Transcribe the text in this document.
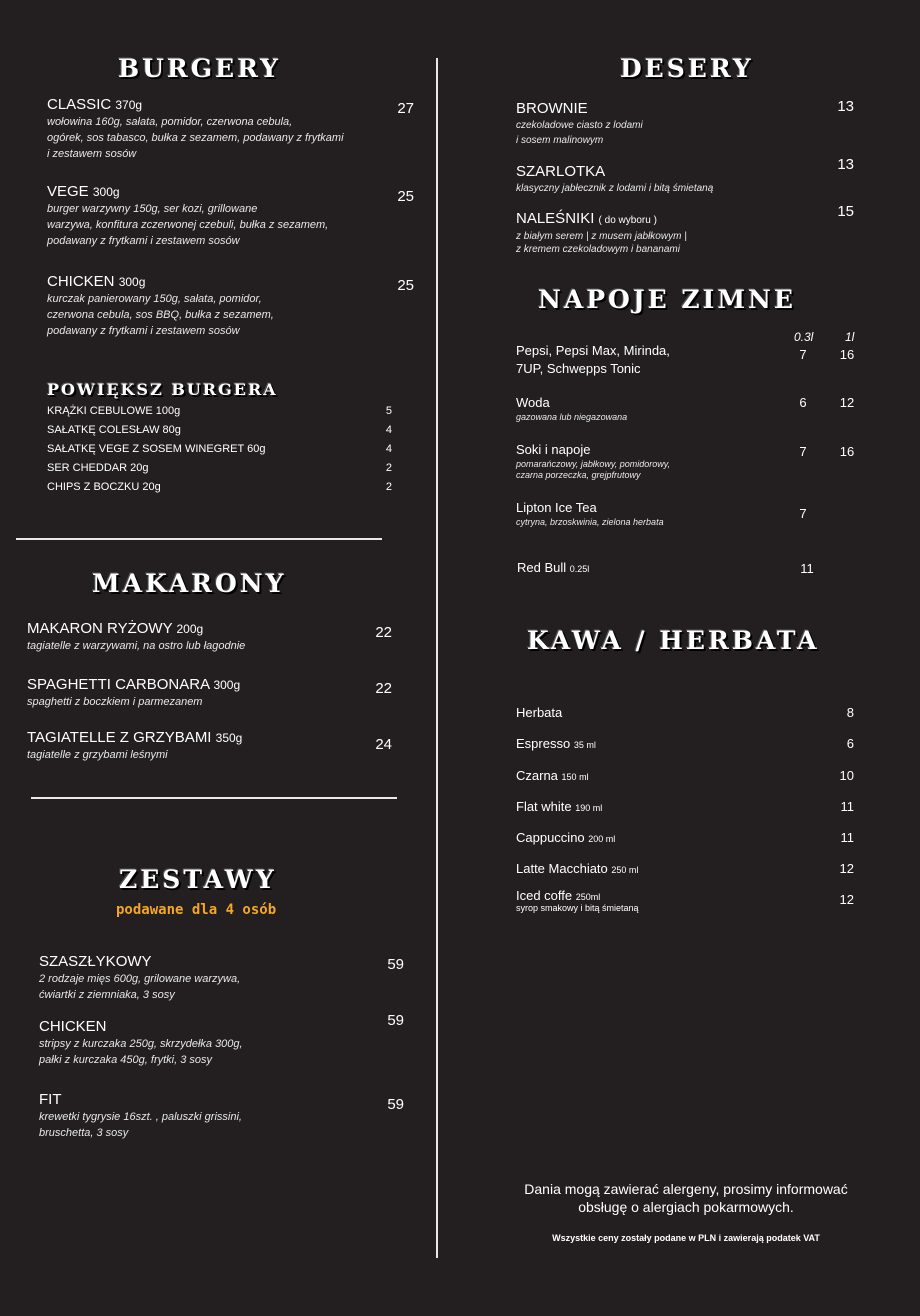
BURGERY
CLASSIC 370g
wołowina 160g, sałata, pomidor, czerwona cebula,
ogórek, sos tabasco, bułka z sezamem, podawany z frytkami
i zestawem sosów
27
VEGE 300g
burger warzywny 150g, ser kozi, grillowane
warzywa, konfitura zczerwonej czebuli, bułka z sezamem,
podawany z frytkami i zestawem sosów
25
CHICKEN 300g
kurczak panierowany 150g, sałata, pomidor,
czerwona cebula, sos BBQ, bułka z sezamem,
podawany z frytkami i zestawem sosów
25
POWIĘKSZ BURGERA
KRĄŻKI CEBULOWE 100g	5
SAŁATKĘ COLESŁAW 80g	4
SAŁATKĘ VEGE Z SOSEM WINEGRET 60g	4
SER CHEDDAR 20g	2
CHIPS Z BOCZKU 20g	2
MAKARONY
MAKARON RYŻOWY 200g
tagiatelle z warzywami, na ostro lub łagodnie
22
SPAGHETTI CARBONARA 300g
spaghetti z boczkiem i parmezanem
22
TAGIATELLE Z GRZYBAMI 350g
tagiatelle z grzybami leśnymi
24
ZESTAWY
podawane dla 4 osób
SZASZŁYKOWY
2 rodzaje mięs 600g, grilowane warzywa,
ćwiartki z ziemniaka, 3 sosy
59
CHICKEN
stripsy z kurczaka 250g, skrzydełka 300g,
pałki z kurczaka 450g, frytki, 3 sosy
59
FIT
krewetki tygrysie 16szt. , paluszki grissini,
bruschetta, 3 sosy
59
DESERY
BROWNIE
czekoladowe ciasto z lodami
i sosem malinowym
13
SZARLOTKA
klasyczny jabłecznik z lodami i bitą śmietaną
13
NALEŚNIKI ( do wyboru )
z białym serem | z musem jabłkowym |
z kremem czekoladowym i bananami
15
NAPOJE ZIMNE
0.3l	1l
Pepsi, Pepsi Max, Mirinda,
7UP, Schwepps Tonic
7	16
Woda
gazowana lub niegazowana
6	12
Soki i napoje
pomarańczowy, jabłkowy, pomidorowy,
czarna porzeczka, grejpfrutowy
7	16
Lipton Ice Tea
cytryna, brzoskwinia, zielona herbata
7
Red Bull 0.25l	11
KAWA / HERBATA
Herbata	8
Espresso 35 ml	6
Czarna 150 ml	10
Flat white 190 ml	11
Cappuccino 200 ml	11
Latte Macchiato 250 ml	12
Iced coffe 250ml
syrop smakowy i bitą śmietaną
12
Dania mogą zawierać alergeny, prosimy informować
obsługę o alergiach pokarmowych.
Wszystkie ceny zostały podane w PLN i zawierają podatek VAT
